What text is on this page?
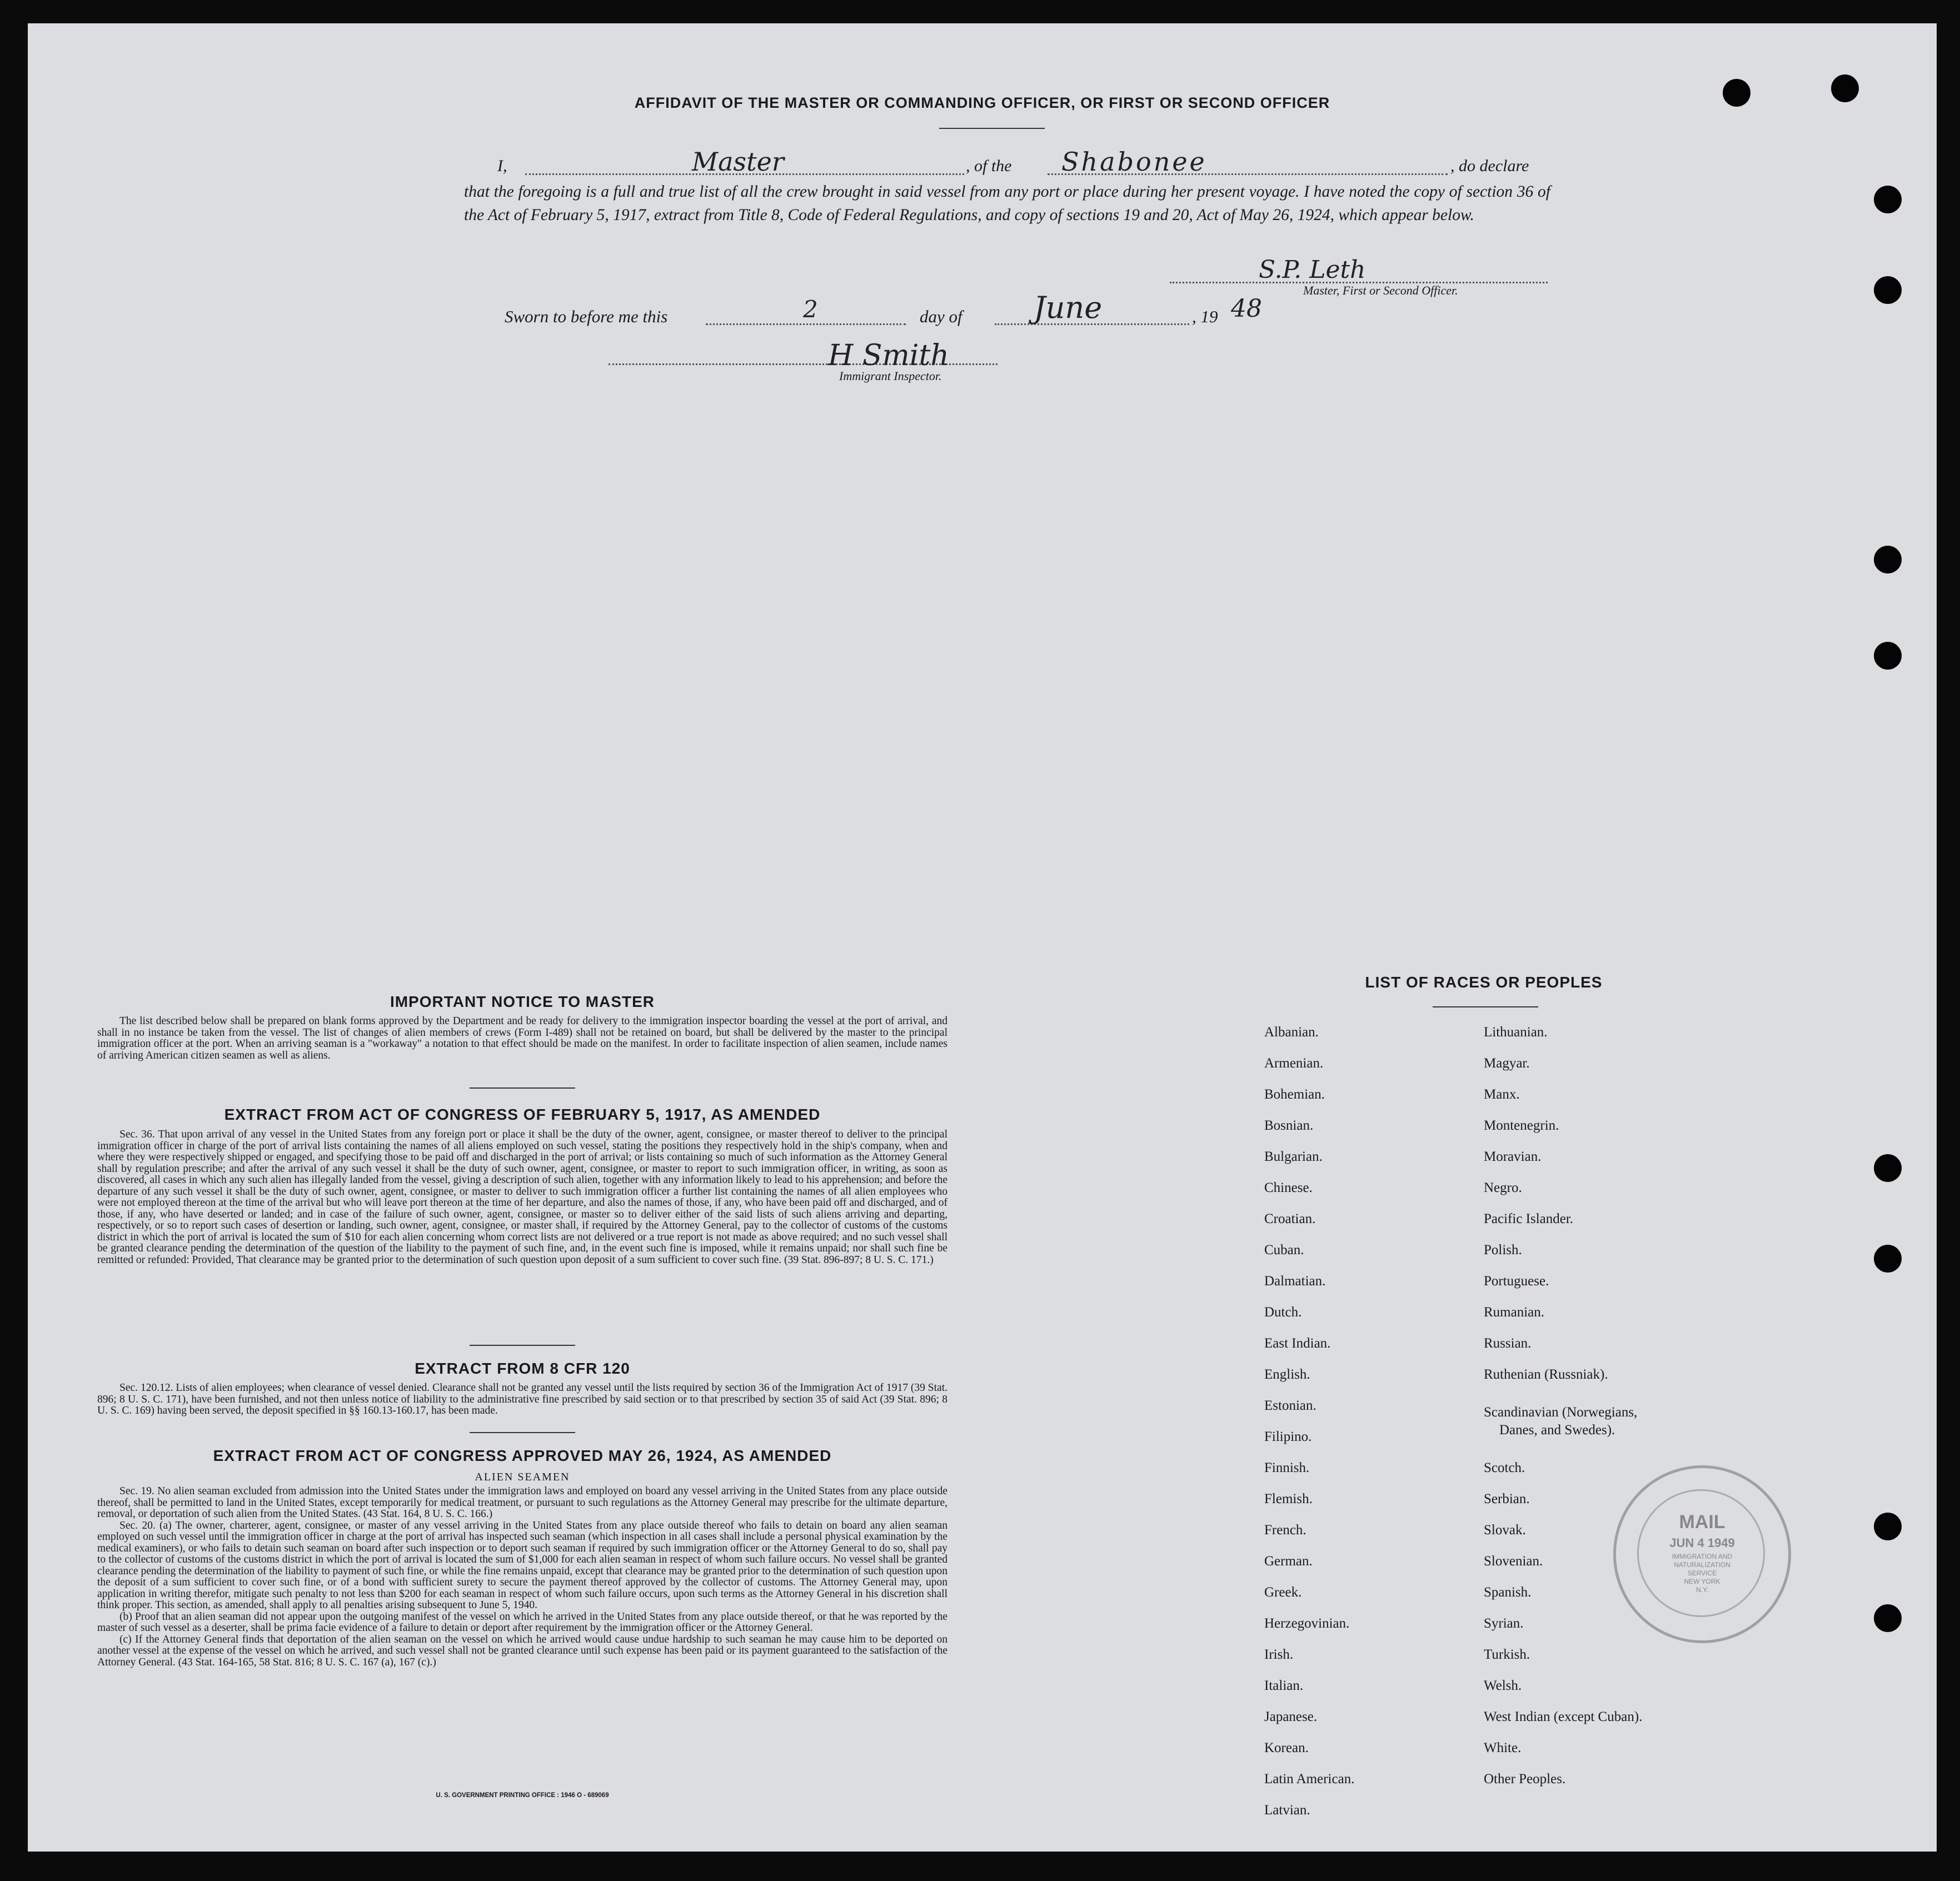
AFFIDAVIT OF THE MASTER OR COMMANDING OFFICER, OR FIRST OR SECOND OFFICER
I,	Master	, of the Shabonee	, do declare
that the foregoing is a full and true list of all the crew brought in said vessel from any port or place during her present voyage. I have noted the copy of section 36 of the Act of February 5, 1917, extract from Title 8, Code of Federal Regulations, and copy of sections 19 and 20, Act of May 26, 1924, which appear below.
S.P. Leth
Master, First or Second Officer.
Sworn to before me this	2	day of June	, 19 48
H Smith
Immigrant Inspector.
IMPORTANT NOTICE TO MASTER

The list described below shall be prepared on blank forms approved by the Department and be ready for delivery to the immigration inspector boarding the vessel at the port of arrival, and shall in no instance be taken from the vessel. The list of changes of alien members of crews (Form I-489) shall not be retained on board, but shall be delivered by the master to the principal immigration officer at the port. When an arriving seaman is a "workaway" a notation to that effect should be made on the manifest. In order to facilitate inspection of alien seamen, include names of arriving American citizen seamen as well as aliens.

EXTRACT FROM ACT OF CONGRESS OF FEBRUARY 5, 1917, AS AMENDED

Sec. 36. That upon arrival of any vessel in the United States from any foreign port or place it shall be the duty of the owner, agent, consignee, or master thereof to deliver to the principal immigration officer in charge of the port of arrival lists containing the names of all aliens employed on such vessel, stating the positions they respectively hold in the ship's company, when and where they were respectively shipped or engaged, and specifying those to be paid off and discharged in the port of arrival; or lists containing so much of such information as the Attorney General shall by regulation prescribe; and after the arrival of any such vessel it shall be the duty of such owner, agent, consignee, or master to report to such immigration officer, in writing, as soon as discovered, all cases in which any such alien has illegally landed from the vessel, giving a description of such alien, together with any information likely to lead to his apprehension; and before the departure of any such vessel it shall be the duty of such owner, agent, consignee, or master to deliver to such immigration officer a further list containing the names of all alien employees who were not employed thereon at the time of the arrival but who will leave port thereon at the time of her departure, and also the names of those, if any, who have been paid off and discharged, and of those, if any, who have deserted or landed; and in case of the failure of such owner, agent, consignee, or master so to deliver either of the said lists of such aliens arriving and departing, respectively, or so to report such cases of desertion or landing, such owner, agent, consignee, or master shall, if required by the Attorney General, pay to the collector of customs of the customs district in which the port of arrival is located the sum of $10 for each alien concerning whom correct lists are not delivered or a true report is not made as above required; and no such vessel shall be granted clearance pending the determination of the question of the liability to the payment of such fine, and, in the event such fine is imposed, while it remains unpaid; nor shall such fine be remitted or refunded: Provided, That clearance may be granted prior to the determination of such question upon deposit of a sum sufficient to cover such fine. (39 Stat. 896-897; 8 U. S. C. 171.)

EXTRACT FROM 8 CFR 120

Sec. 120.12. Lists of alien employees; when clearance of vessel denied. Clearance shall not be granted any vessel until the lists required by section 36 of the Immigration Act of 1917 (39 Stat. 896; 8 U. S. C. 171), have been furnished, and not then unless notice of liability to the administrative fine prescribed by said section or to that prescribed by section 35 of said Act (39 Stat. 896; 8 U. S. C. 169) having been served, the deposit specified in §§ 160.13-160.17, has been made.

EXTRACT FROM ACT OF CONGRESS APPROVED MAY 26, 1924, AS AMENDED
ALIEN SEAMEN

Sec. 19. No alien seaman excluded from admission into the United States under the immigration laws and employed on board any vessel arriving in the United States from any place outside thereof, shall be permitted to land in the United States, except temporarily for medical treatment, or pursuant to such regulations as the Attorney General may prescribe for the ultimate departure, removal, or deportation of such alien from the United States. (43 Stat. 164, 8 U. S. C. 166.)

Sec. 20. (a) The owner, charterer, agent, consignee, or master of any vessel arriving in the United States from any place outside thereof who fails to detain on board any alien seaman employed on such vessel until the immigration officer in charge at the port of arrival has inspected such seaman (which inspection in all cases shall include a personal physical examination by the medical examiners), or who fails to detain such seaman on board after such inspection or to deport such seaman if required by such immigration officer or the Attorney General to do so, shall pay to the collector of customs of the customs district in which the port of arrival is located the sum of $1,000 for each alien seaman in respect of whom such failure occurs. No vessel shall be granted clearance pending the determination of the liability to payment of such fine, or while the fine remains unpaid, except that clearance may be granted prior to the determination of such question upon the deposit of a sum sufficient to cover such fine, or of a bond with sufficient surety to secure the payment thereof approved by the collector of customs. The Attorney General may, upon application in writing therefor, mitigate such penalty to not less than $200 for each seaman in respect of whom such failure occurs, upon such terms as the Attorney General in his discretion shall think proper. This section, as amended, shall apply to all penalties arising subsequent to June 5, 1940.

(b) Proof that an alien seaman did not appear upon the outgoing manifest of the vessel on which he arrived in the United States from any place outside thereof, or that he was reported by the master of such vessel as a deserter, shall be prima facie evidence of a failure to detain or deport after requirement by the immigration officer or the Attorney General.

(c) If the Attorney General finds that deportation of the alien seaman on the vessel on which he arrived would cause undue hardship to such seaman he may cause him to be deported on another vessel at the expense of the vessel on which he arrived, and such vessel shall not be granted clearance until such expense has been paid or its payment guaranteed to the satisfaction of the Attorney General. (43 Stat. 164-165, 58 Stat. 816; 8 U. S. C. 167 (a), 167 (c).)

U. S. GOVERNMENT PRINTING OFFICE : 1946 O - 689069
LIST OF RACES OR PEOPLES
Albanian.
Armenian.
Bohemian.
Bosnian.
Bulgarian.
Chinese.
Croatian.
Cuban.
Dalmatian.
Dutch.
East Indian.
English.
Estonian.
Filipino.
Finnish.
Flemish.
French.
German.
Greek.
Herzegovinian.
Irish.
Italian.
Japanese.
Korean.
Latin American.
Latvian.
Lithuanian.
Magyar.
Manx.
Montenegrin.
Moravian.
Negro.
Pacific Islander.
Polish.
Portuguese.
Rumanian.
Russian.
Ruthenian (Russniak).
Scandinavian (Norwegians,
Danes, and Swedes).
Scotch.
Serbian.
Slovak.
Slovenian.
Spanish.
Syrian.
Turkish.
Welsh.
West Indian (except Cuban).
White.
Other Peoples.
MAIL
JUN 4 1949
IMMIGRATION AND
NATURALIZATION
SERVICE
NEW YORK
N.Y.
